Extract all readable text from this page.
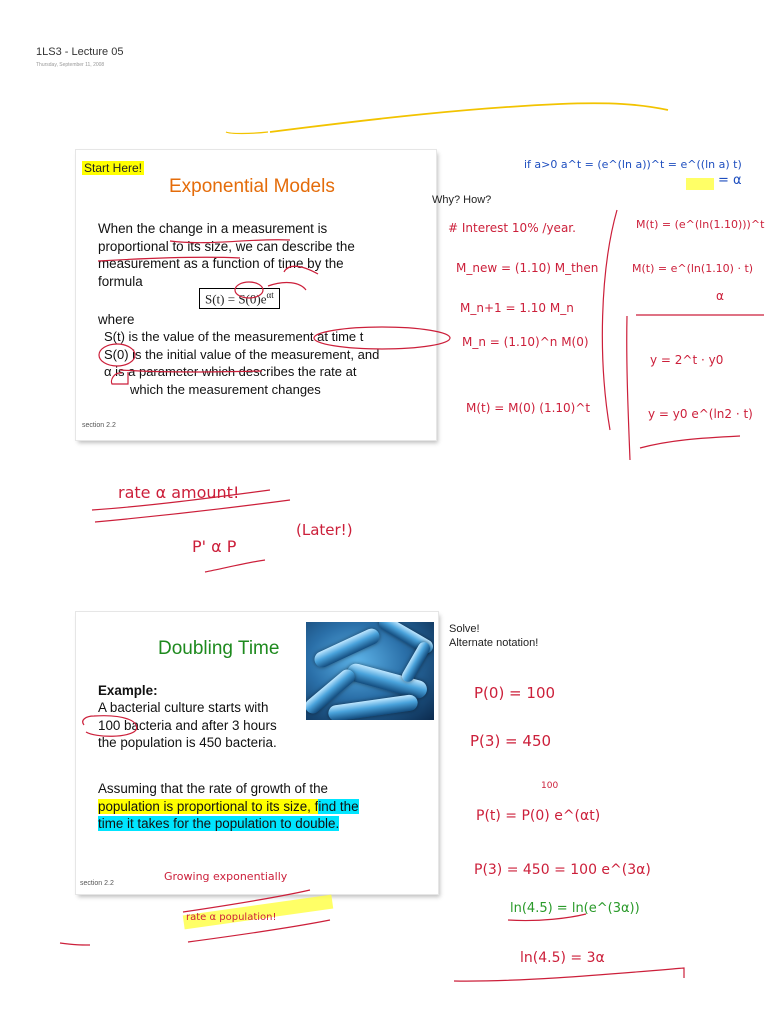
1LS3 - Lecture 05
Thursday, September 11, 2008
Start Here!
Exponential Models
When the change in a measurement is
proportional to its size, we can describe the
measurement as a function of time by the
formula
$S(t) = S(0)e^{\alpha t}$
where
S(t) is the value of the measurement at time t
S(0) is the initial value of the measurement, and
α is a parameter which describes the rate at
which the measurement changes
section 2.2
Why? How?
Doubling Time
Example:
A bacterial culture starts with
100 bacteria and after 3 hours
the population is 450 bacteria.
Assuming that the rate of growth of the
population is proportional to its size, find the
time it takes for the population to double.
section 2.2
Solve!
Alternate notation!
if a>0 a^t = (e^(ln a))^t = e^((ln a) t)
= α
# Interest 10% /year.
M_new = (1.10) M_then
M_n+1 = 1.10 M_n
M_n = (1.10)^n M(0)
M(t) = M(0) (1.10)^t
M(t) = (e^(ln(1.10)))^t
M(t) = e^(ln(1.10) · t)
α
y = 2^t · y0
y = y0 e^(ln2 · t)
rate α amount!
P' α P
(Later!)
Growing exponentially
rate α population!
P(0) = 100
P(3) = 450
100
P(t) = P(0) e^(αt)
P(3) = 450 = 100 e^(3α)
ln(4.5) = ln(e^(3α))
ln(4.5) = 3α
